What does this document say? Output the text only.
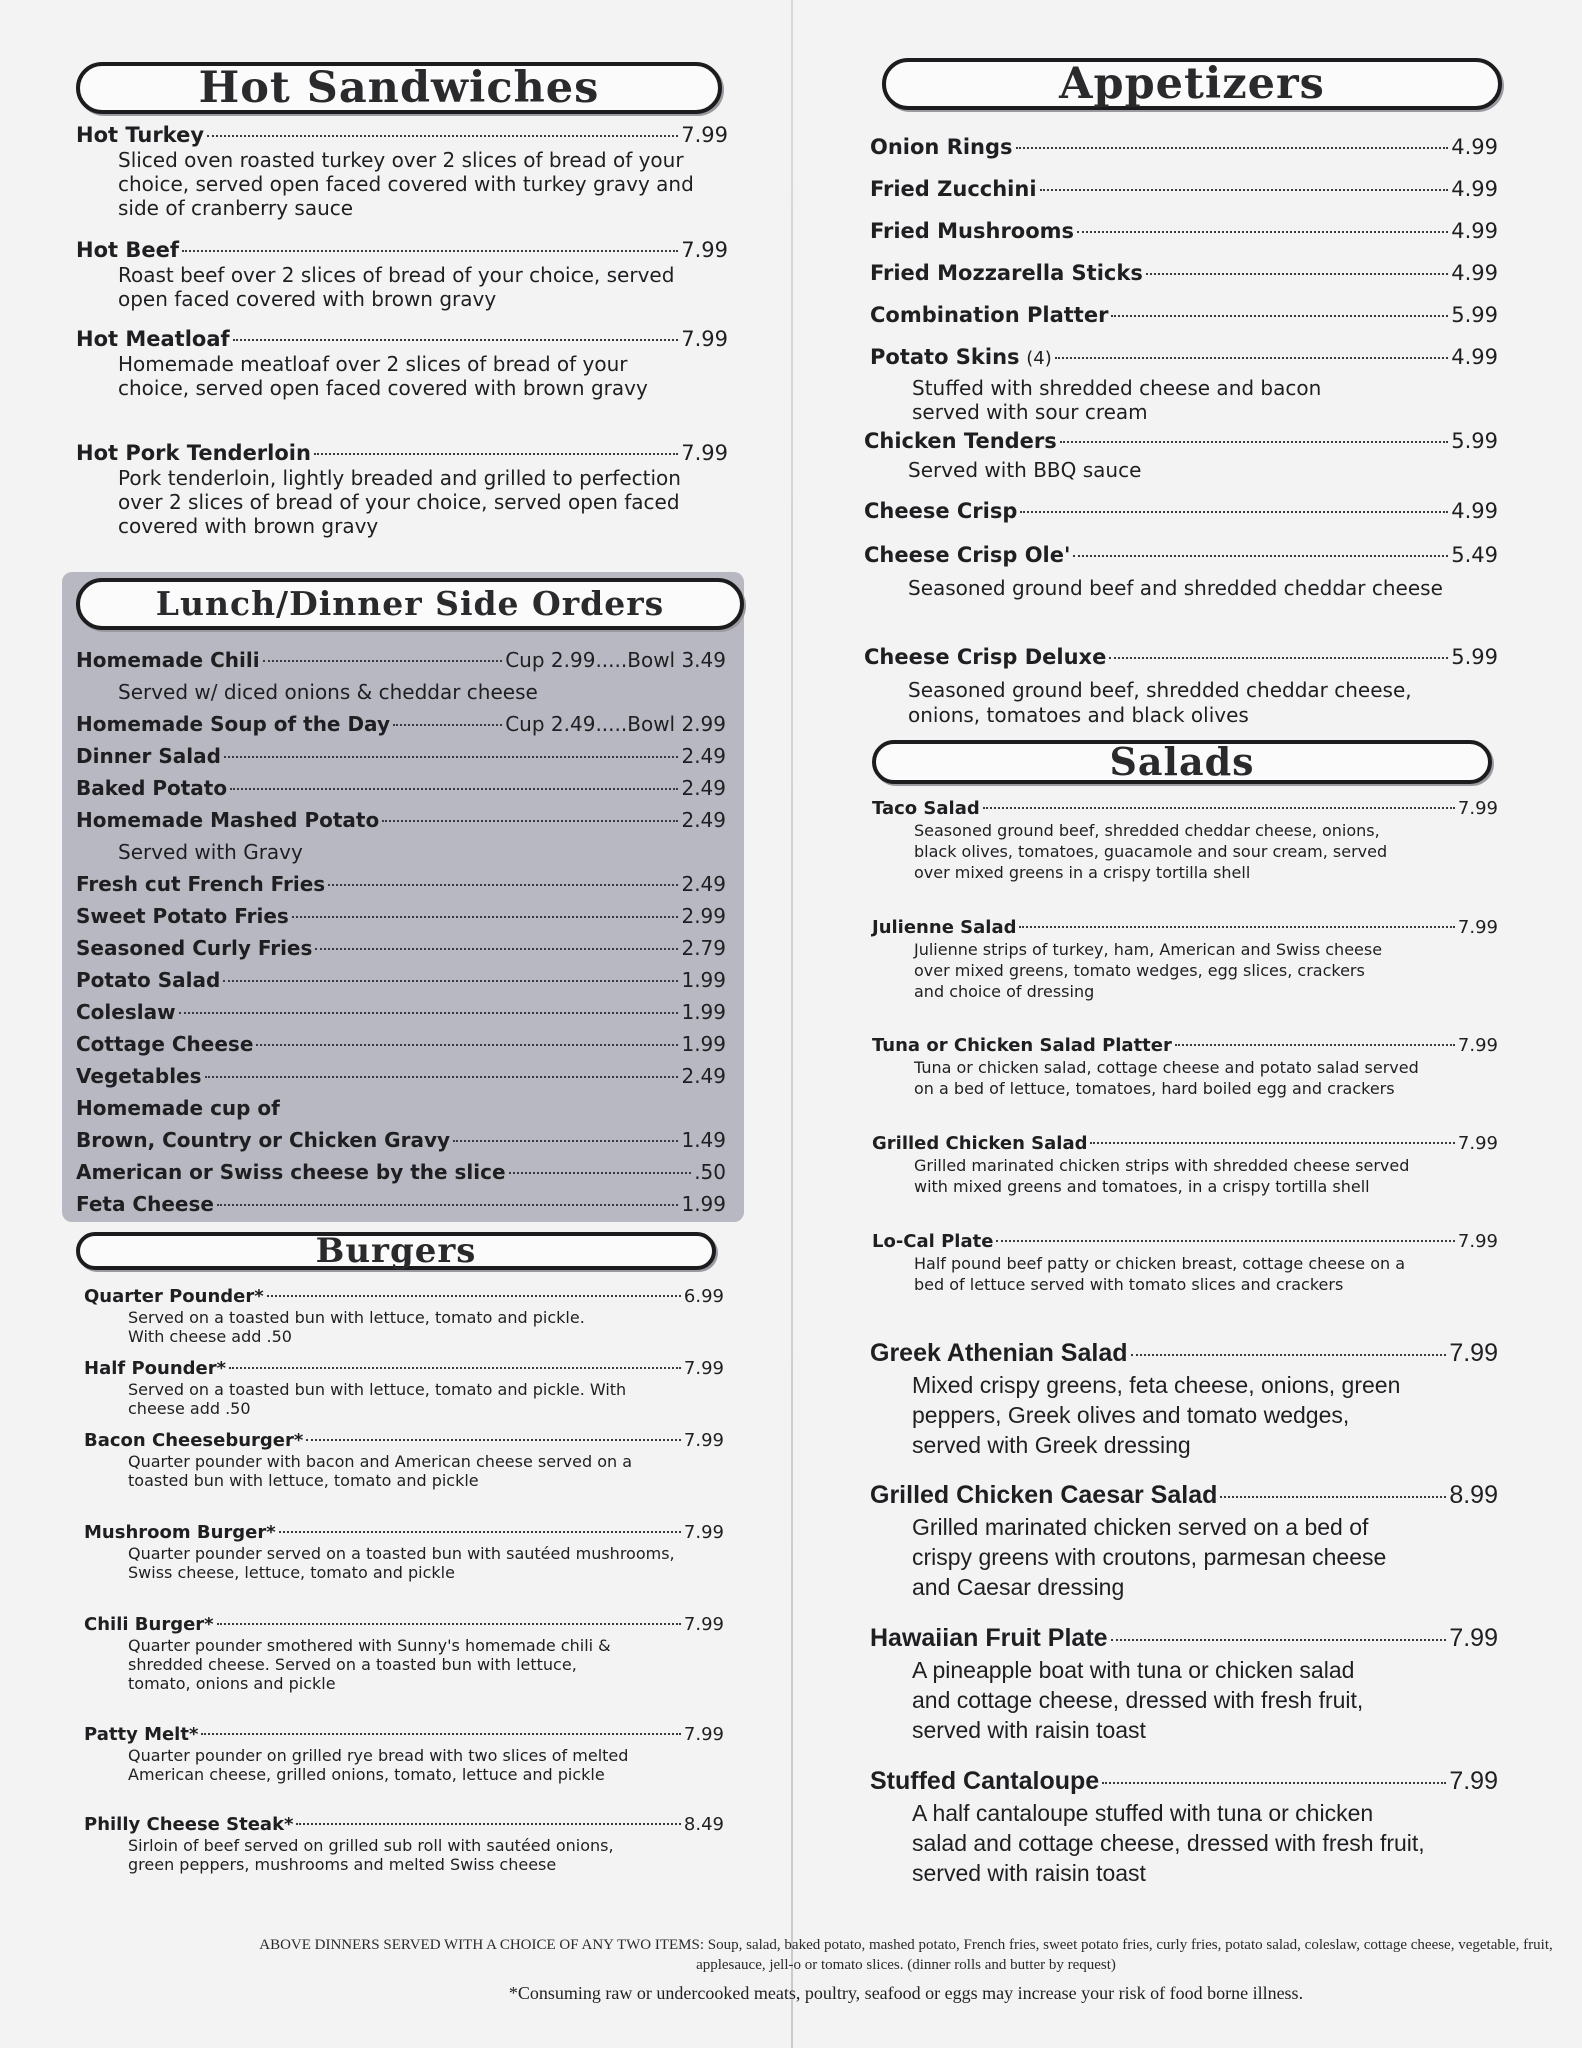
Hot Sandwiches
Hot Turkey	7.99
Sliced oven roasted turkey over 2 slices of bread of your choice, served open faced covered with turkey gravy and side of cranberry sauce
Hot Beef	7.99
Roast beef over 2 slices of bread of your choice, served open faced covered with brown gravy
Hot Meatloaf	7.99
Homemade meatloaf over 2 slices of bread of your choice, served open faced covered with brown gravy
Hot Pork Tenderloin	7.99
Pork tenderloin, lightly breaded and grilled to perfection over 2 slices of bread of your choice, served open faced covered with brown gravy
Lunch/Dinner Side Orders
Homemade Chili	Cup 2.99.....Bowl 3.49
Served w/ diced onions & cheddar cheese
Homemade Soup of the Day	Cup 2.49.....Bowl 2.99
Dinner Salad	2.49
Baked Potato	2.49
Homemade Mashed Potato	2.49
Served with Gravy
Fresh cut French Fries	2.49
Sweet Potato Fries	2.99
Seasoned Curly Fries	2.79
Potato Salad	1.99
Coleslaw	1.99
Cottage Cheese	1.99
Vegetables	2.49
Homemade cup of
Brown, Country or Chicken Gravy	1.49
American or Swiss cheese by the slice	.50
Feta Cheese	1.99
Burgers
Quarter Pounder*	6.99
Served on a toasted bun with lettuce, tomato and pickle. With cheese add .50
Half Pounder*	7.99
Served on a toasted bun with lettuce, tomato and pickle. With cheese add .50
Bacon Cheeseburger*	7.99
Quarter pounder with bacon and American cheese served on a toasted bun with lettuce, tomato and pickle
Mushroom Burger*	7.99
Quarter pounder served on a toasted bun with sautéed mushrooms, Swiss cheese, lettuce, tomato and pickle
Chili Burger*	7.99
Quarter pounder smothered with Sunny's homemade chili & shredded cheese. Served on a toasted bun with lettuce, tomato, onions and pickle
Patty Melt*	7.99
Quarter pounder on grilled rye bread with two slices of melted American cheese, grilled onions, tomato, lettuce and pickle
Philly Cheese Steak*	8.49
Sirloin of beef served on grilled sub roll with sautéed onions, green peppers, mushrooms and melted Swiss cheese
Appetizers
Onion Rings	4.99
Fried Zucchini	4.99
Fried Mushrooms	4.99
Fried Mozzarella Sticks	4.99
Combination Platter	5.99
Potato Skins
(4)	4.99
Stuffed with shredded cheese and bacon served with sour cream
Chicken Tenders	5.99
Served with BBQ sauce
Cheese Crisp	4.99
Cheese Crisp Ole'	5.49
Seasoned ground beef and shredded cheddar cheese
Cheese Crisp Deluxe	5.99
Seasoned ground beef, shredded cheddar cheese, onions, tomatoes and black olives
Salads
Taco Salad	7.99
Seasoned ground beef, shredded cheddar cheese, onions, black olives, tomatoes, guacamole and sour cream, served over mixed greens in a crispy tortilla shell
Julienne Salad	7.99
Julienne strips of turkey, ham, American and Swiss cheese over mixed greens, tomato wedges, egg slices, crackers and choice of dressing
Tuna or Chicken Salad Platter	7.99
Tuna or chicken salad, cottage cheese and potato salad served on a bed of lettuce, tomatoes, hard boiled egg and crackers
Grilled Chicken Salad	7.99
Grilled marinated chicken strips with shredded cheese served with mixed greens and tomatoes, in a crispy tortilla shell
Lo-Cal Plate	7.99
Half pound beef patty or chicken breast, cottage cheese on a bed of lettuce served with tomato slices and crackers
Greek Athenian Salad	7.99
Mixed crispy greens, feta cheese, onions, green peppers, Greek olives and tomato wedges, served with Greek dressing
Grilled Chicken Caesar Salad	8.99
Grilled marinated chicken served on a bed of crispy greens with croutons, parmesan cheese and Caesar dressing
Hawaiian Fruit Plate	7.99
A pineapple boat with tuna or chicken salad and cottage cheese, dressed with fresh fruit, served with raisin toast
Stuffed Cantaloupe	7.99
A half cantaloupe stuffed with tuna or chicken salad and cottage cheese, dressed with fresh fruit, served with raisin toast
ABOVE DINNERS SERVED WITH A CHOICE OF ANY TWO ITEMS: Soup, salad, baked potato, mashed potato, French fries, sweet potato fries, curly fries, potato salad, coleslaw, cottage cheese, vegetable, fruit, applesauce, jell-o or tomato slices. (dinner rolls and butter by request)
*Consuming raw or undercooked meats, poultry, seafood or eggs may increase your risk of food borne illness.
